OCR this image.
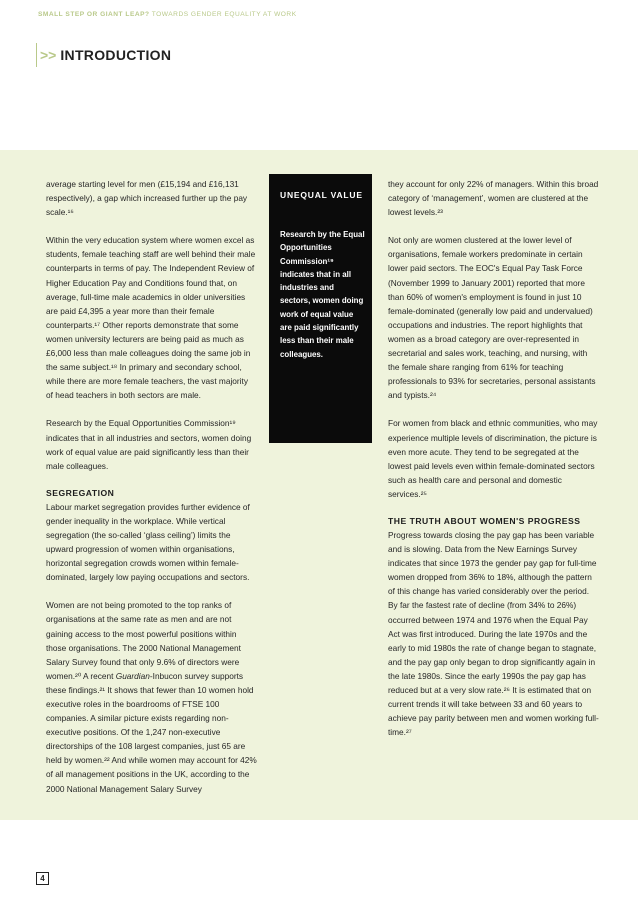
SMALL STEP OR GIANT LEAP? TOWARDS GENDER EQUALITY AT WORK
>> INTRODUCTION

average starting level for men (£15,194 and £16,131 respectively), a gap which increased further up the pay scale.¹⁶

Within the very education system where women excel as students, female teaching staff are well behind their male counterparts in terms of pay. The Independent Review of Higher Education Pay and Conditions found that, on average, full-time male academics in older universities are paid £4,395 a year more than their female counterparts.¹⁷ Other reports demonstrate that some women university lecturers are being paid as much as £6,000 less than male colleagues doing the same job in the same subject.¹⁸ In primary and secondary school, while there are more female teachers, the vast majority of head teachers in both sectors are male.

Research by the Equal Opportunities Commission¹⁹ indicates that in all industries and sectors, women doing work of equal value are paid significantly less than their male colleagues.

SEGREGATION

Labour market segregation provides further evidence of gender inequality in the workplace. While vertical segregation (the so-called ‘glass ceiling’) limits the upward progression of women within organisations, horizontal segregation crowds women within female-dominated, largely low paying occupations and sectors.

Women are not being promoted to the top ranks of organisations at the same rate as men and are not gaining access to the most powerful positions within those organisations. The 2000 National Management Salary Survey found that only 9.6% of directors were women.²⁰ A recent Guardian-Inbucon survey supports these findings.²¹ It shows that fewer than 10 women hold executive roles in the boardrooms of FTSE 100 companies. A similar picture exists regarding non-executive positions. Of the 1,247 non-executive directorships of the 108 largest companies, just 65 are held by women.²² And while women may account for 42% of all management positions in the UK, according to the 2000 National Management Salary Survey

UNEQUAL VALUE
Research by the Equal Opportunities Commission¹⁹ indicates that in all industries and sectors, women doing work of equal value are paid significantly less than their male colleagues.

they account for only 22% of managers. Within this broad category of ‘management’, women are clustered at the lowest levels.²³

Not only are women clustered at the lower level of organisations, female workers predominate in certain lower paid sectors. The EOC's Equal Pay Task Force (November 1999 to January 2001) reported that more than 60% of women's employment is found in just 10 female-dominated (generally low paid and undervalued) occupations and industries. The report highlights that women as a broad category are over-represented in secretarial and sales work, teaching, and nursing, with the female share ranging from 61% for teaching professionals to 93% for secretaries, personal assistants and typists.²⁴

For women from black and ethnic communities, who may experience multiple levels of discrimination, the picture is even more acute. They tend to be segregated at the lowest paid levels even within female-dominated sectors such as health care and personal and domestic services.²⁵

THE TRUTH ABOUT WOMEN'S PROGRESS

Progress towards closing the pay gap has been variable and is slowing. Data from the New Earnings Survey indicates that since 1973 the gender pay gap for full-time women dropped from 36% to 18%, although the pattern of this change has varied considerably over the period. By far the fastest rate of decline (from 34% to 26%) occurred between 1974 and 1976 when the Equal Pay Act was first introduced. During the late 1970s and the early to mid 1980s the rate of change began to stagnate, and the pay gap only began to drop significantly again in the late 1980s. Since the early 1990s the pay gap has reduced but at a very slow rate.²⁶ It is estimated that on current trends it will take between 33 and 60 years to achieve pay parity between men and women working full-time.²⁷

4
